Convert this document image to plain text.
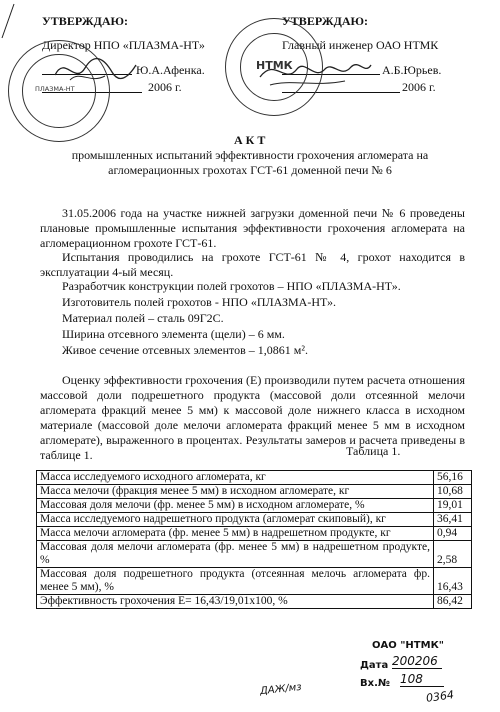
УТВЕРЖДАЮ:
Директор НПО «ПЛАЗМА-НТ»
Ю.А.Афенка.
2006 г.
ПЛАЗМА-НТ
УТВЕРЖДАЮ:
Главный инженер ОАО НТМК
А.Б.Юрьев.
2006 г.
НТМК
А К Т
промышленных испытаний эффективности грохочения агломерата на
агломерационных грохотах ГСТ-61 доменной печи № 6
31.05.2006 года на участке нижней загрузки доменной печи № 6 проведены плановые промышленные испытания эффективности грохочения агломерата на агломерационном грохоте ГСТ-61.
Испытания проводились на грохоте ГСТ-61 № 4, грохот находится в эксплуатации 4-ый месяц.
Разработчик конструкции полей грохотов – НПО «ПЛАЗМА-НТ».
Изготовитель полей грохотов - НПО «ПЛАЗМА-НТ».
Материал полей – сталь 09Г2С.
Ширина отсевного элемента (щели) – 6 мм.
Живое сечение отсевных элементов – 1,0861 м².
Оценку эффективности грохочения (Е) производили путем расчета отношения массовой доли подрешетного продукта (массовой доли отсеянной мелочи агломерата фракций менее 5 мм) к массовой доле нижнего класса в исходном материале (массовой доле мелочи агломерата фракций менее 5 мм в исходном агломерате), выраженного в процентах. Результаты замеров и расчета приведены в таблице 1.	Таблица 1.
Масса исследуемого исходного агломерата, кг	56,16
Масса мелочи (фракция менее 5 мм) в исходном агломерате, кг	10,68
Массовая доля мелочи (фр. менее 5 мм) в исходном агломерате, %	19,01
Масса исследуемого надрешетного продукта (агломерат скиповый), кг	36,41
Масса мелочи агломерата (фр. менее 5 мм) в надрешетном продукте, кг	0,94
Массовая доля мелочи агломерата (фр. менее 5 мм) в надрешетном продукте, %	2,58
Массовая доля подрешетного продукта (отсеянная мелочь агломерата фр. менее 5 мм), %	16,43
Эффективность грохочения E= 16,43/19,01x100, %	86,42
ОАО "НТМК"
Дата 200206
Вх.№ 108
ДАЖ/мз	0364
